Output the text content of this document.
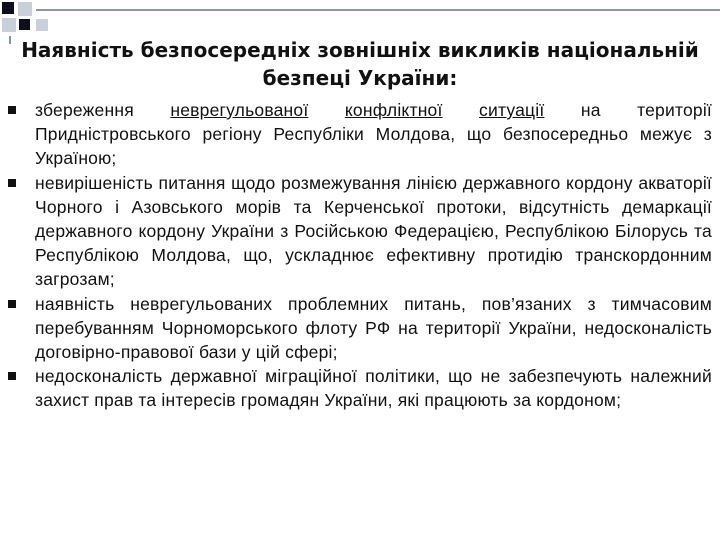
Наявність безпосередніх зовнішніх викликів національній
безпеці України:
збереження неврегульованої конфліктної ситуації на території Придністровського регіону Республіки Молдова, що безпосередньо межує з Україною;
невирішеність питання щодо розмежування лінією державного кордону акваторії Чорного і Азовського морів та Керченської протоки, відсутність демаркації державного кордону України з Російською Федерацією, Республікою Білорусь та Республікою Молдова, що, ускладнює ефективну протидію транскордонним загрозам;
наявність неврегульованих проблемних питань, пов’язаних з тимчасовим перебуванням Чорноморського флоту РФ на території України, недосконалість договірно-правової бази у цій сфері;
недосконалість державної міграційної політики, що не забезпечують належний захист прав та інтересів громадян України, які працюють за кордоном;
